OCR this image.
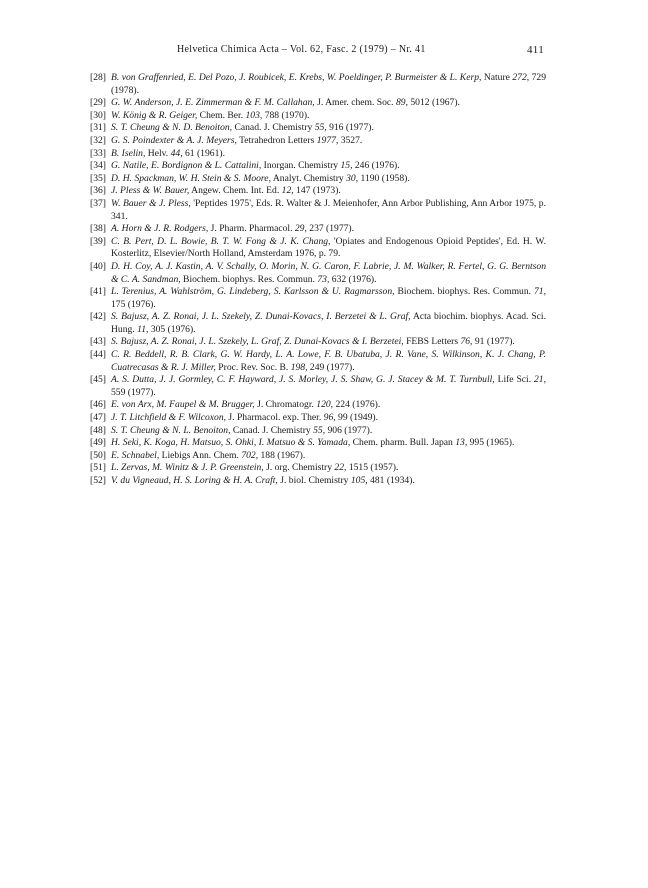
Helvetica Chimica Acta – Vol. 62, Fasc. 2 (1979) – Nr. 41	411
[28] B. von Graffenried, E. Del Pozo, J. Roubicek, E. Krebs, W. Poeldinger, P. Burmeister & L. Kerp, Nature 272, 729 (1978).
[29] G. W. Anderson, J. E. Zimmerman & F. M. Callahan, J. Amer. chem. Soc. 89, 5012 (1967).
[30] W. König & R. Geiger, Chem. Ber. 103, 788 (1970).
[31] S. T. Cheung & N. D. Benoiton, Canad. J. Chemistry 55, 916 (1977).
[32] G. S. Poindexter & A. J. Meyers, Tetrahedron Letters 1977, 3527.
[33] B. Iselin, Helv. 44, 61 (1961).
[34] G. Natile, E. Bordignon & L. Cattalini, Inorgan. Chemistry 15, 246 (1976).
[35] D. H. Spackman, W. H. Stein & S. Moore, Analyt. Chemistry 30, 1190 (1958).
[36] J. Pless & W. Bauer, Angew. Chem. Int. Ed. 12, 147 (1973).
[37] W. Bauer & J. Pless, 'Peptides 1975', Eds. R. Walter & J. Meienhofer, Ann Arbor Publishing, Ann Arbor 1975, p. 341.
[38] A. Horn & J. R. Rodgers, J. Pharm. Pharmacol. 29, 237 (1977).
[39] C. B. Pert, D. L. Bowie, B. T. W. Fong & J. K. Chang, 'Opiates and Endogenous Opioid Peptides', Ed. H. W. Kosterlitz, Elsevier/North Holland, Amsterdam 1976, p. 79.
[40] D. H. Coy, A. J. Kastin, A. V. Schally, O. Morin, N. G. Caron, F. Labrie, J. M. Walker, R. Fertel, G. G. Berntson & C. A. Sandman, Biochem. biophys. Res. Commun. 73, 632 (1976).
[41] L. Terenius, A. Wahlström, G. Lindeberg, S. Karlsson & U. Ragmarsson, Biochem. biophys. Res. Commun. 71, 175 (1976).
[42] S. Bajusz, A. Z. Ronai, J. L. Szekely, Z. Dunai-Kovacs, I. Berzetei & L. Graf, Acta biochim. biophys. Acad. Sci. Hung. 11, 305 (1976).
[43] S. Bajusz, A. Z. Ronai, J. L. Szekely, L. Graf, Z. Dunai-Kovacs & I. Berzetei, FEBS Letters 76, 91 (1977).
[44] C. R. Beddell, R. B. Clark, G. W. Hardy, L. A. Lowe, F. B. Ubatuba, J. R. Vane, S. Wilkinson, K. J. Chang, P. Cuatrecasas & R. J. Miller, Proc. Rev. Soc. B. 198, 249 (1977).
[45] A. S. Dutta, J. J. Gormley, C. F. Hayward, J. S. Morley, J. S. Shaw, G. J. Stacey & M. T. Turnbull, Life Sci. 21, 559 (1977).
[46] E. von Arx, M. Faupel & M. Brugger, J. Chromatogr. 120, 224 (1976).
[47] J. T. Litchfield & F. Wilcoxon, J. Pharmacol. exp. Ther. 96, 99 (1949).
[48] S. T. Cheung & N. L. Benoiton, Canad. J. Chemistry 55, 906 (1977).
[49] H. Seki, K. Koga, H. Matsuo, S. Ohki, I. Matsuo & S. Yamada, Chem. pharm. Bull. Japan 13, 995 (1965).
[50] E. Schnabel, Liebigs Ann. Chem. 702, 188 (1967).
[51] L. Zervas, M. Winitz & J. P. Greenstein, J. org. Chemistry 22, 1515 (1957).
[52] V. du Vigneaud, H. S. Loring & H. A. Craft, J. biol. Chemistry 105, 481 (1934).
